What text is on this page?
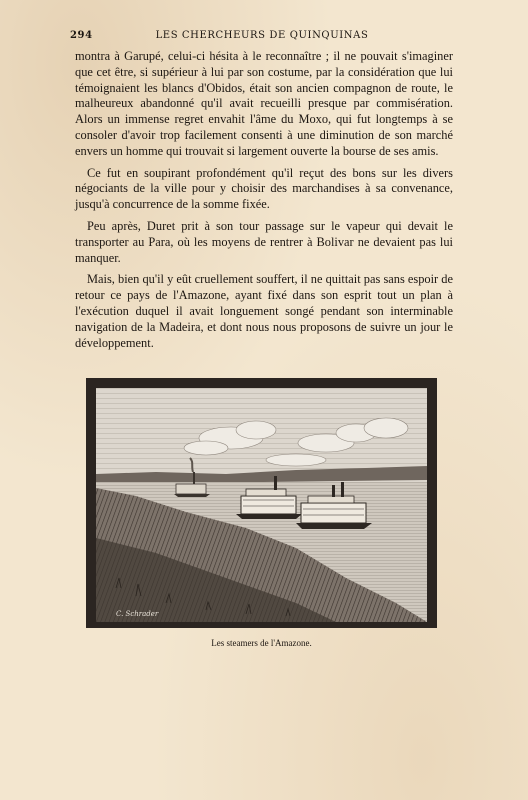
294	LES CHERCHEURS DE QUINQUINAS

montra à Garupé, celui-ci hésita à le reconnaître ; il ne pouvait s'imaginer que cet être, si supérieur à lui par son costume, par la considération que lui témoignaient les blancs d'Obidos, était son ancien compagnon de route, le malheureux abandonné qu'il avait recueilli presque par commisération. Alors un immense regret envahit l'âme du Moxo, qui fut longtemps à se consoler d'avoir trop facilement consenti à une diminution de son marché envers un homme qui trouvait si largement ouverte la bourse de ses amis.

Ce fut en soupirant profondément qu'il reçut des bons sur les divers négociants de la ville pour y choisir des marchandises à sa convenance, jusqu'à concurrence de la somme fixée.

Peu après, Duret prit à son tour passage sur le vapeur qui devait le transporter au Para, où les moyens de rentrer à Bolivar ne devaient pas lui manquer.

Mais, bien qu'il y eût cruellement souffert, il ne quittait pas sans espoir de retour ce pays de l'Amazone, ayant fixé dans son esprit tout un plan à l'exécution duquel il avait longuement songé pendant son interminable navigation de la Madeira, et dont nous nous proposons de suivre un jour le développement.

C. Schrader
Les steamers de l'Amazone.
